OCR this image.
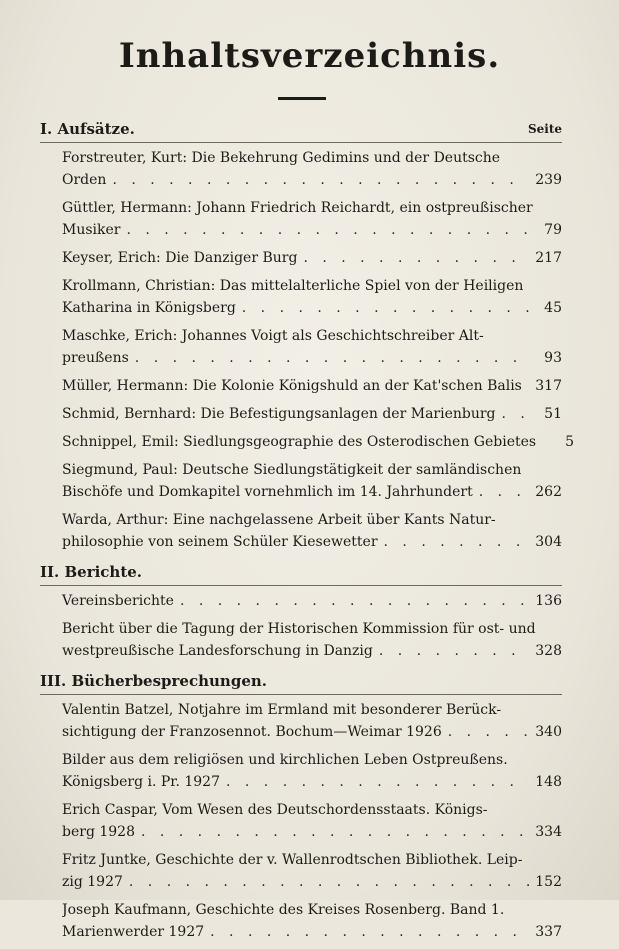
Inhaltsverzeichnis.
I. Aufsätze.	Seite
Forstreuter, Kurt: Die Bekehrung Gedimins und der Deutsche
Orden . . .	239
Güttler, Hermann: Johann Friedrich Reichardt, ein ostpreußischer
Musiker . . .	79
Keyser, Erich: Die Danziger Burg . . .	217
Krollmann, Christian: Das mittelalterliche Spiel von der Heiligen
Katharina in Königsberg . . .	45
Maschke, Erich: Johannes Voigt als Geschichtschreiber Alt-
preußens . . .	93
Müller, Hermann: Die Kolonie Königshuld an der Kat'schen Balis . . . 317
Schmid, Bernhard: Die Befestigungsanlagen der Marienburg . . .	51
Schnippel, Emil: Siedlungsgeographie des Osterodischen Gebietes	5
Siegmund, Paul: Deutsche Siedlungstätigkeit der samländischen
Bischöfe und Domkapitel vornehmlich im 14. Jahrhundert . . .	262
Warda, Arthur: Eine nachgelassene Arbeit über Kants Natur-
philosophie von seinem Schüler Kiesewetter . . .	304
II. Berichte.
Vereinsberichte . . .	136
Bericht über die Tagung der Historischen Kommission für ost- und
westpreußische Landesforschung in Danzig . . .	328
III. Bücherbesprechungen.
Valentin Batzel, Notjahre im Ermland mit besonderer Berück-
sichtigung der Franzosennot. Bochum—Weimar 1926 . . .	340
Bilder aus dem religiösen und kirchlichen Leben Ostpreußens.
Königsberg i. Pr. 1927 . . .	148
Erich Caspar, Vom Wesen des Deutschordensstaats. Königs-
berg 1928 . . .	334
Fritz Juntke, Geschichte der v. Wallenrodtschen Bibliothek. Leip-
zig 1927 . . .	152
Joseph Kaufmann, Geschichte des Kreises Rosenberg. Band 1.
Marienwerder 1927 . . .	337
